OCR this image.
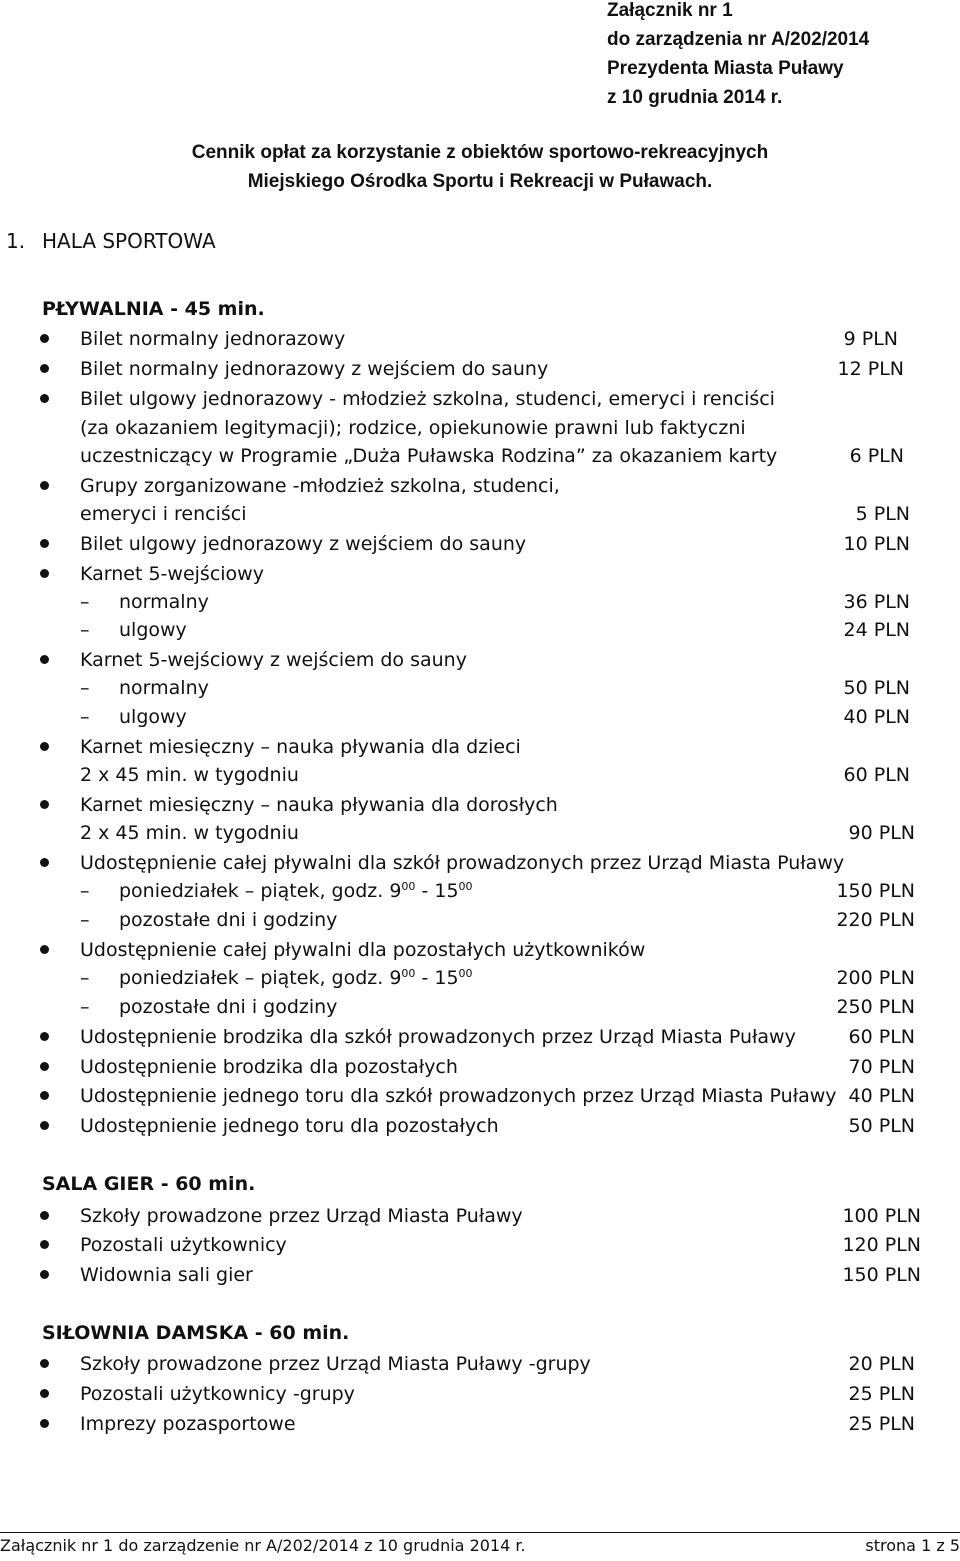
Załącznik nr 1
do zarządzenia nr A/202/2014
Prezydenta Miasta Puławy
z 10 grudnia 2014 r.
Cennik opłat za korzystanie z obiektów sportowo-rekreacyjnych
Miejskiego Ośrodka Sportu i Rekreacji w Puławach.
1. HALA SPORTOWA
PŁYWALNIA - 45 min.
Bilet normalny jednorazowy	9 PLN
Bilet normalny jednorazowy z wejściem do sauny	12 PLN
Bilet ulgowy jednorazowy - młodzież szkolna, studenci, emeryci i renciści
(za okazaniem legitymacji); rodzice, opiekunowie prawni lub faktyczni
uczestniczący w Programie „Duża Puławska Rodzina” za okazaniem karty	6 PLN
Grupy zorganizowane -młodzież szkolna, studenci,
emeryci i renciści	5 PLN
Bilet ulgowy jednorazowy z wejściem do sauny	10 PLN
Karnet 5-wejściowy
– normalny	36 PLN
– ulgowy	24 PLN
Karnet 5-wejściowy z wejściem do sauny
– normalny	50 PLN
– ulgowy	40 PLN
Karnet miesięczny – nauka pływania dla dzieci
2 x 45 min. w tygodniu	60 PLN
Karnet miesięczny – nauka pływania dla dorosłych
2 x 45 min. w tygodniu	90 PLN
Udostępnienie całej pływalni dla szkół prowadzonych przez Urząd Miasta Puławy
– poniedziałek – piątek, godz. $9^{00} - 15^{00}$	150 PLN
– pozostałe dni i godziny	220 PLN
Udostępnienie całej pływalni dla pozostałych użytkowników
– poniedziałek – piątek, godz. $9^{00} - 15^{00}$	200 PLN
– pozostałe dni i godziny	250 PLN
Udostępnienie brodzika dla szkół prowadzonych przez Urząd Miasta Puławy	60 PLN
Udostępnienie brodzika dla pozostałych	70 PLN
Udostępnienie jednego toru dla szkół prowadzonych przez Urząd Miasta Puławy 40 PLN
Udostępnienie jednego toru dla pozostałych	50 PLN
SALA GIER - 60 min.
Szkoły prowadzone przez Urząd Miasta Puławy	100 PLN
Pozostali użytkownicy	120 PLN
Widownia sali gier	150 PLN
SIŁOWNIA DAMSKA - 60 min.
Szkoły prowadzone przez Urząd Miasta Puławy -grupy	20 PLN
Pozostali użytkownicy -grupy	25 PLN
Imprezy pozasportowe	25 PLN
Załącznik nr 1 do zarządzenie nr A/202/2014 z 10 grudnia 2014 r.	strona 1 z 5
